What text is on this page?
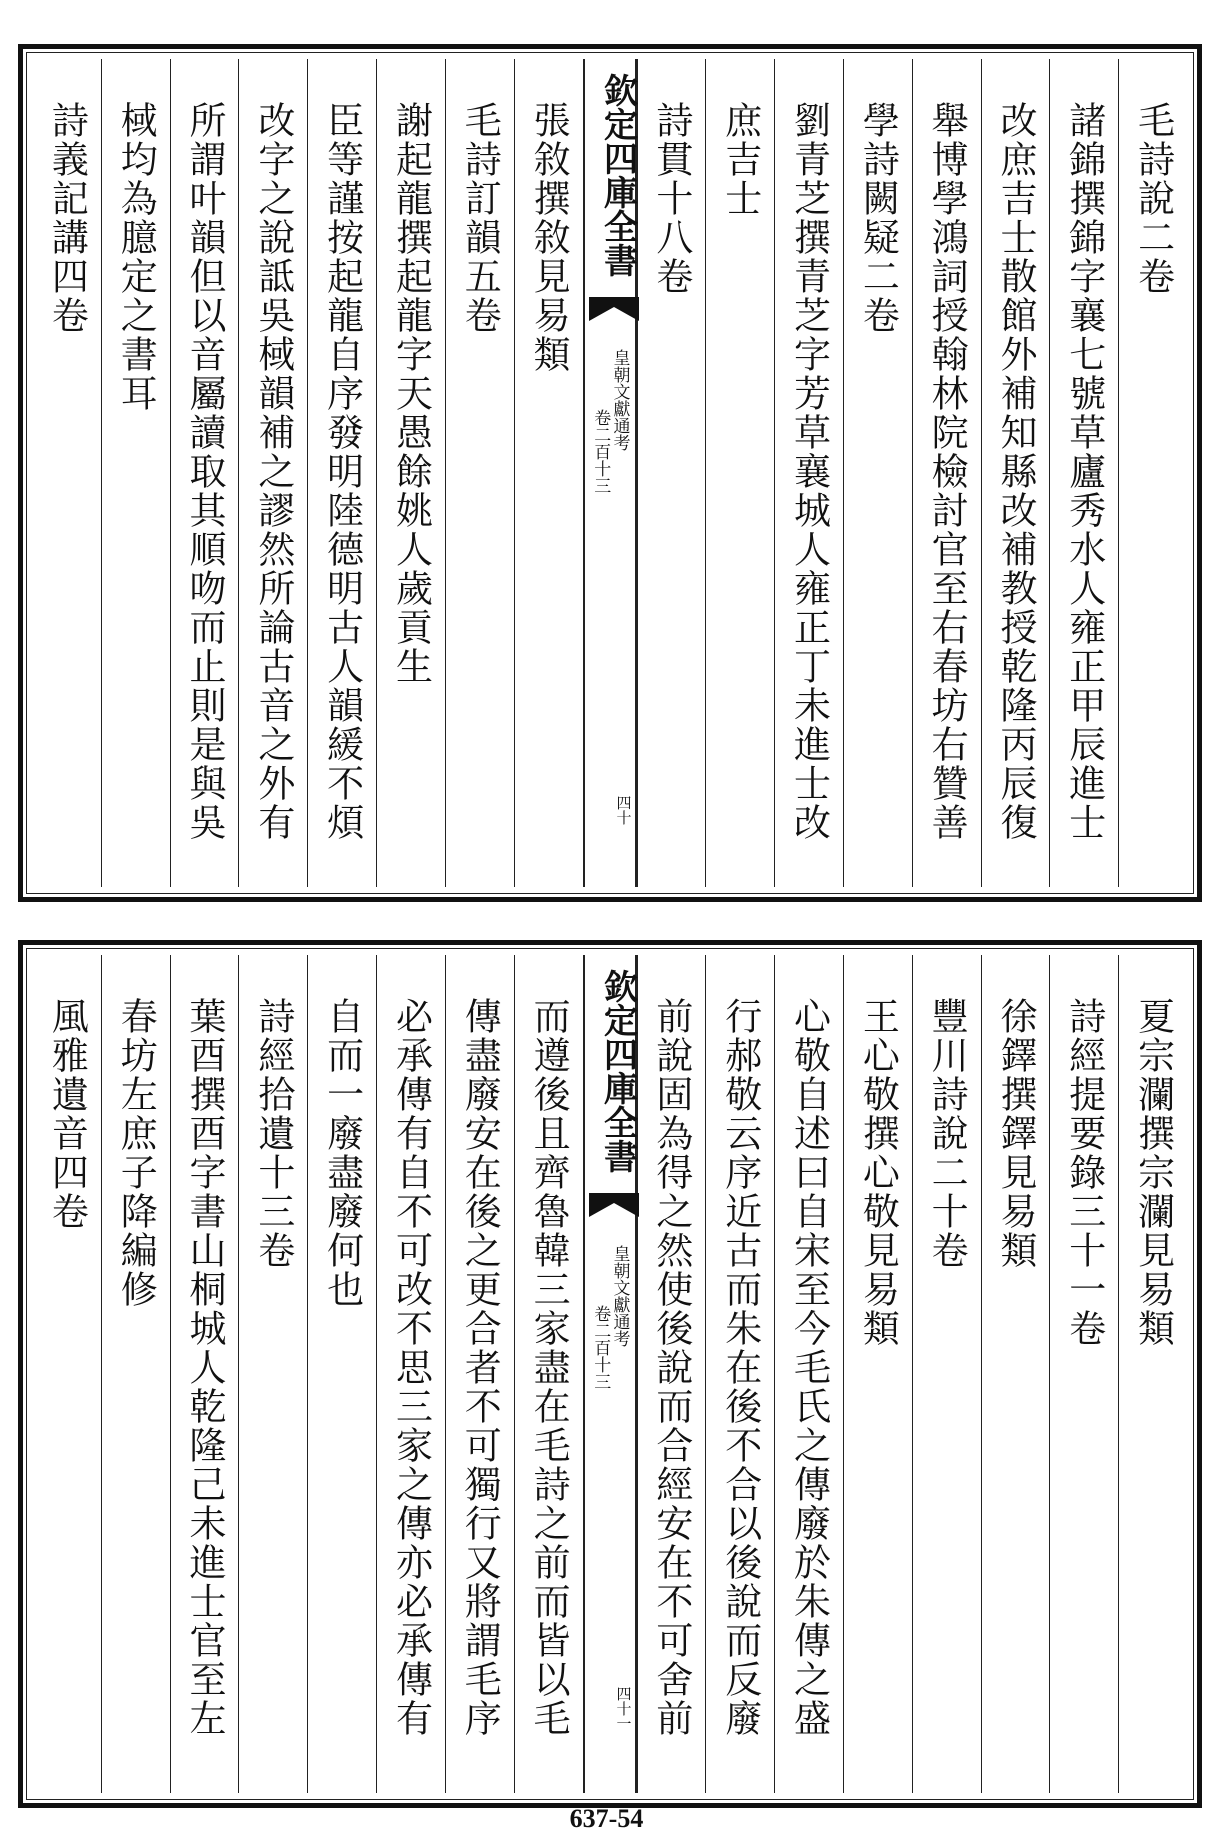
毛詩說二卷
諸錦撰錦字襄七號草廬秀水人雍正甲辰進士
改庶吉士散館外補知縣改補教授乾隆丙辰復
舉博學鴻詞授翰林院檢討官至右春坊右贊善
學詩闕疑二卷
劉青芝撰青芝字芳草襄城人雍正丁未進士改
庶吉士
詩貫十八卷
欽定四庫全書
皇朝文獻通考
卷二百十三
四十
張敘撰敘見易類
毛詩訂韻五卷
謝起龍撰起龍字天愚餘姚人歲貢生
臣等謹按起龍自序發明陸德明古人韻緩不煩
改字之說詆吳棫韻補之謬然所論古音之外有
所謂叶韻但以音屬讀取其順吻而止則是與吳
棫均為臆定之書耳
詩義記講四卷
夏宗瀾撰宗瀾見易類
詩經提要錄三十一卷
徐鐸撰鐸見易類
豐川詩說二十卷
王心敬撰心敬見易類
心敬自述曰自宋至今毛氏之傳廢於朱傳之盛
行郝敬云序近古而朱在後不合以後說而反廢
前說固為得之然使後說而合經安在不可舍前
欽定四庫全書
皇朝文獻通考
卷二百十三
四十一
而遵後且齊魯韓三家盡在毛詩之前而皆以毛
傳盡廢安在後之更合者不可獨行又將謂毛序
必承傳有自不可改不思三家之傳亦必承傳有
自而一廢盡廢何也
詩經拾遺十三卷
葉酉撰酉字書山桐城人乾隆己未進士官至左
春坊左庶子降編修
風雅遺音四卷
637-54
